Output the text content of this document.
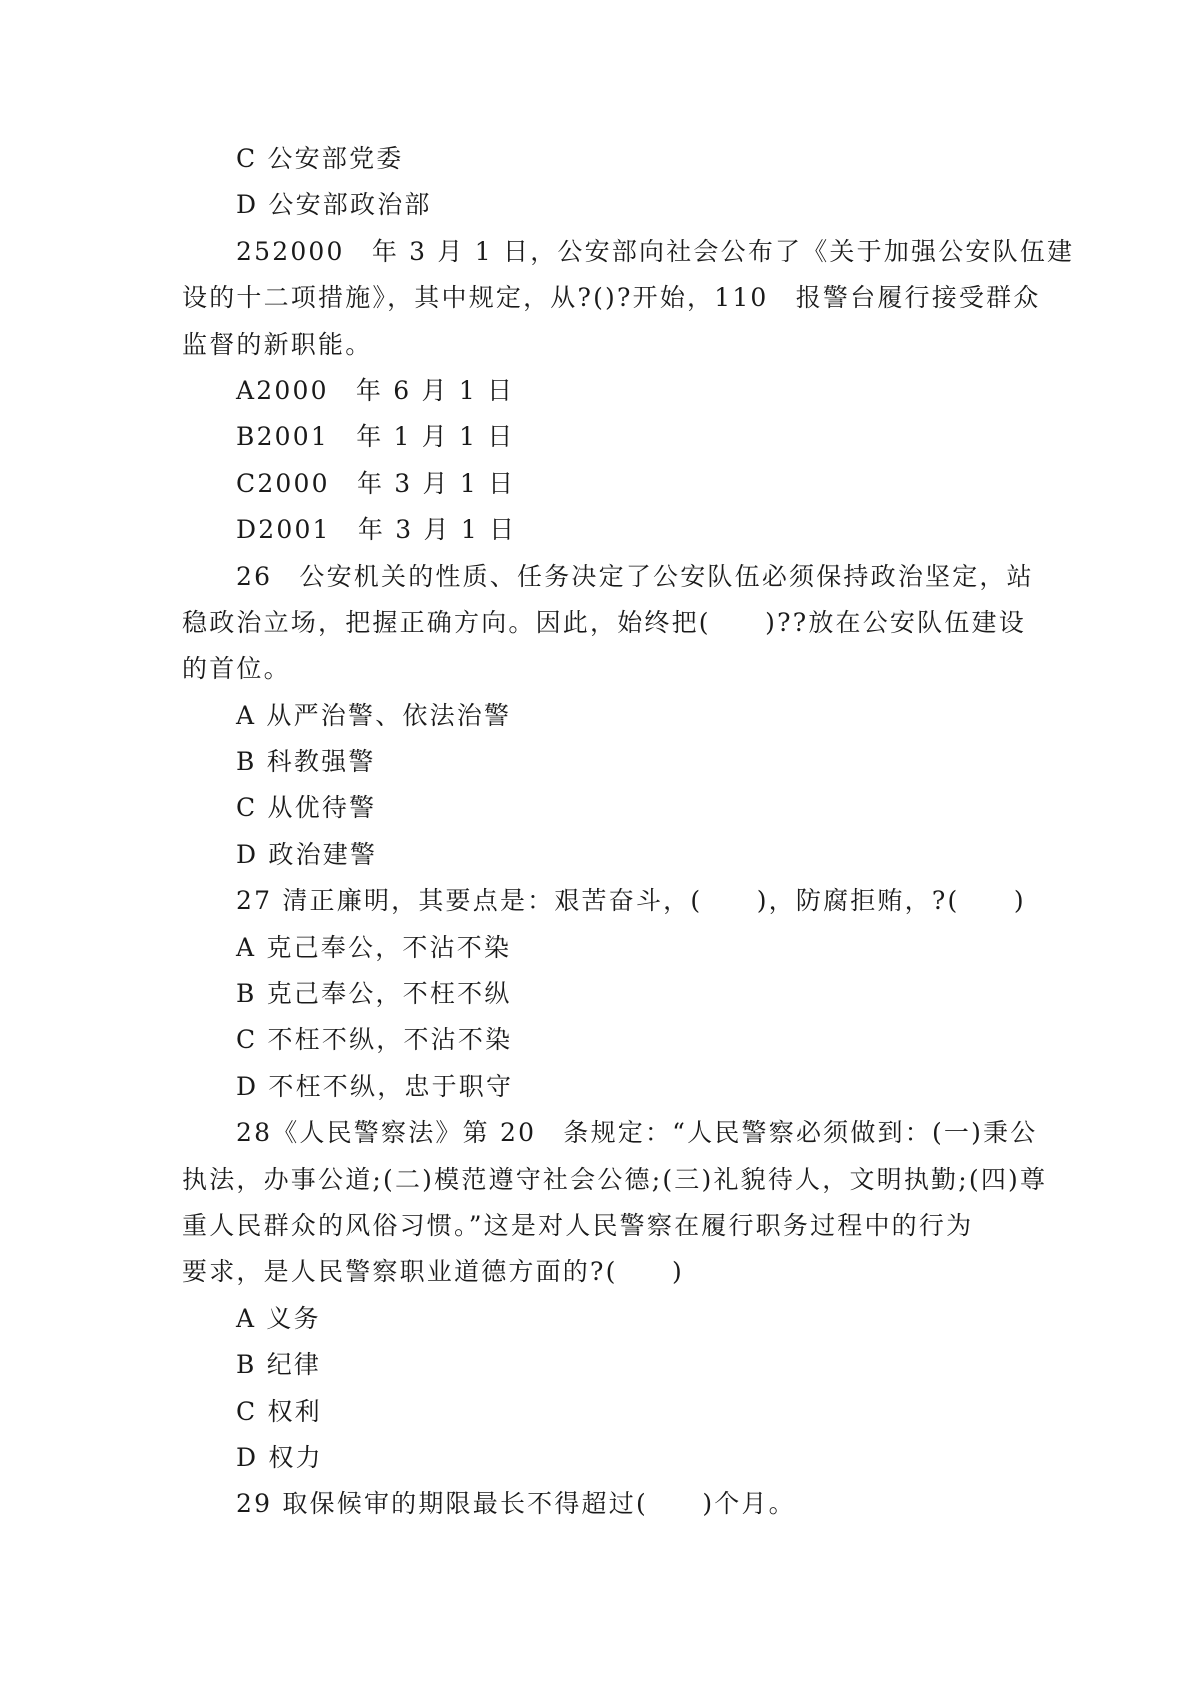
C 公安部党委
D 公安部政治部
252000　年 3 月 1 日，公安部向社会公布了《关于加强公安队伍建
设的十二项措施》，其中规定，从?()?开始，110　报警台履行接受群众
监督的新职能。
A2000　年 6 月 1 日
B2001　年 1 月 1 日
C2000　年 3 月 1 日
D2001　年 3 月 1 日
26　公安机关的性质、任务决定了公安队伍必须保持政治坚定，站
稳政治立场，把握正确方向。因此，始终把(　　)??放在公安队伍建设
的首位。
A 从严治警、依法治警
B 科教强警
C 从优待警
D 政治建警
27 清正廉明，其要点是：艰苦奋斗，(　　)，防腐拒贿，?(　　)
A 克己奉公，不沾不染
B 克己奉公，不枉不纵
C 不枉不纵，不沾不染
D 不枉不纵，忠于职守
28《人民警察法》第 20　条规定：“人民警察必须做到：(一)秉公
执法，办事公道;(二)模范遵守社会公德;(三)礼貌待人，文明执勤;(四)尊
重人民群众的风俗习惯。”这是对人民警察在履行职务过程中的行为
要求，是人民警察职业道德方面的?(　　)
A 义务
B 纪律
C 权利
D 权力
29 取保候审的期限最长不得超过(　　)个月。
